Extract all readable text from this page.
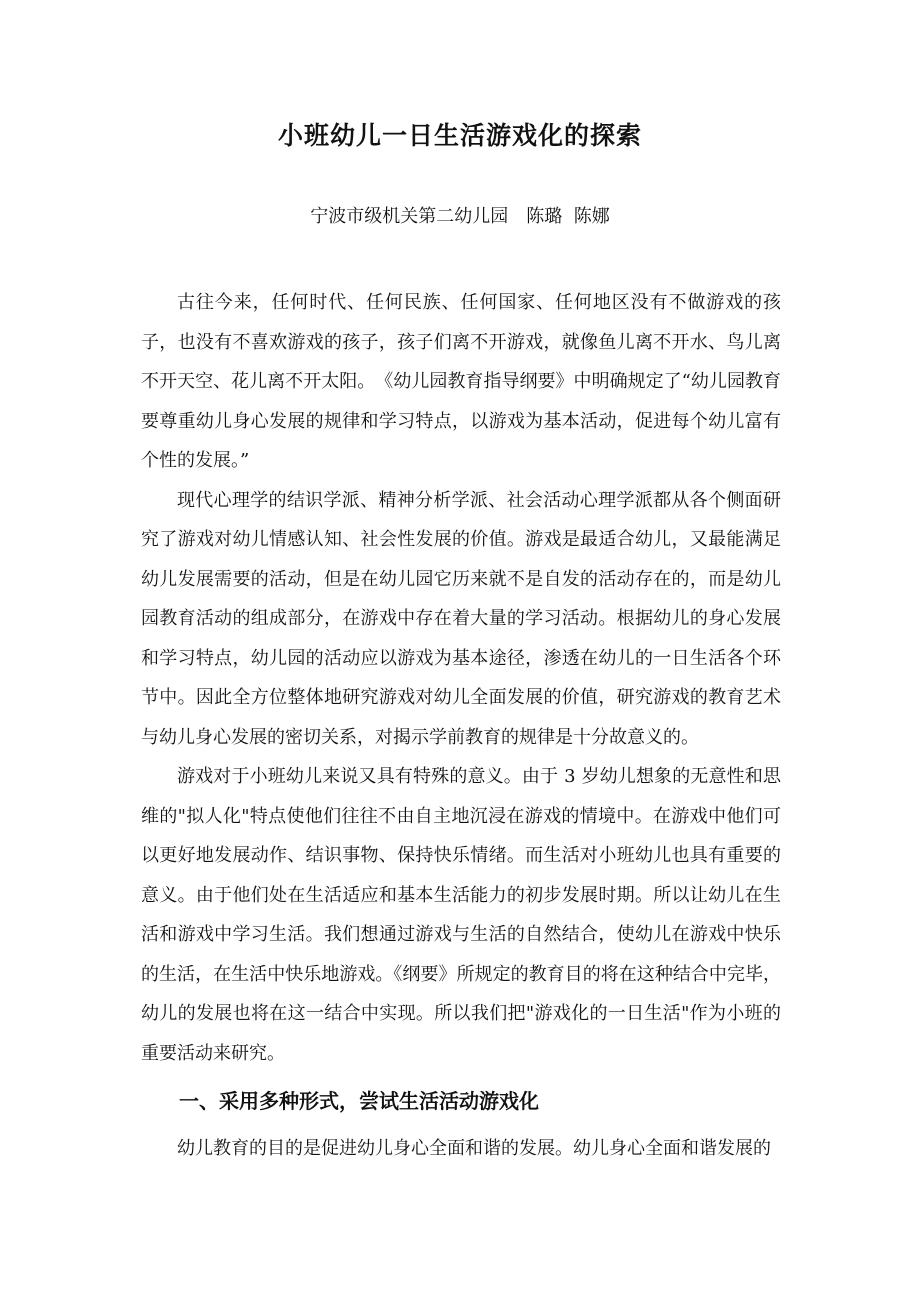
小班幼儿一日生活游戏化的探索
宁波市级机关第二幼儿园　陈璐  陈娜

古往今来，任何时代、任何民族、任何国家、任何地区没有不做游戏的孩子，也没有不喜欢游戏的孩子，孩子们离不开游戏，就像鱼儿离不开水、鸟儿离不开天空、花儿离不开太阳。　《幼儿园教育指导纲要》中明确规定了“幼儿园教育要尊重幼儿身心发展的规律和学习特点，以游戏为基本活动，促进每个幼儿富有个性的发展。”

现代心理学的结识学派、精神分析学派、社会活动心理学派都从各个侧面研究了游戏对幼儿情感认知、社会性发展的价值。游戏是最适合幼儿，又最能满足幼儿发展需要的活动，但是在幼儿园它历来就不是自发的活动存在的，而是幼儿园教育活动的组成部分，在游戏中存在着大量的学习活动。根据幼儿的身心发展和学习特点，幼儿园的活动应以游戏为基本途径，渗透在幼儿的一日生活各个环节中。因此全方位整体地研究游戏对幼儿全面发展的价值，研究游戏的教育艺术与幼儿身心发展的密切关系，对揭示学前教育的规律是十分故意义的。

游戏对于小班幼儿来说又具有特殊的意义。由于 3 岁幼儿想象的无意性和思维的"拟人化"特点使他们往往不由自主地沉浸在游戏的情境中。在游戏中他们可以更好地发展动作、结识事物、保持快乐情绪。而生活对小班幼儿也具有重要的意义。由于他们处在生活适应和基本生活能力的初步发展时期。所以让幼儿在生活和游戏中学习生活。我们想通过游戏与生活的自然结合，使幼儿在游戏中快乐的生活，在生活中快乐地游戏。《纲要》所规定的教育目的将在这种结合中完毕，幼儿的发展也将在这一结合中实现。所以我们把"游戏化的一日生活"作为小班的重要活动来研究。

一、采用多种形式，尝试生活活动游戏化

幼儿教育的目的是促进幼儿身心全面和谐的发展。幼儿身心全面和谐发展的
